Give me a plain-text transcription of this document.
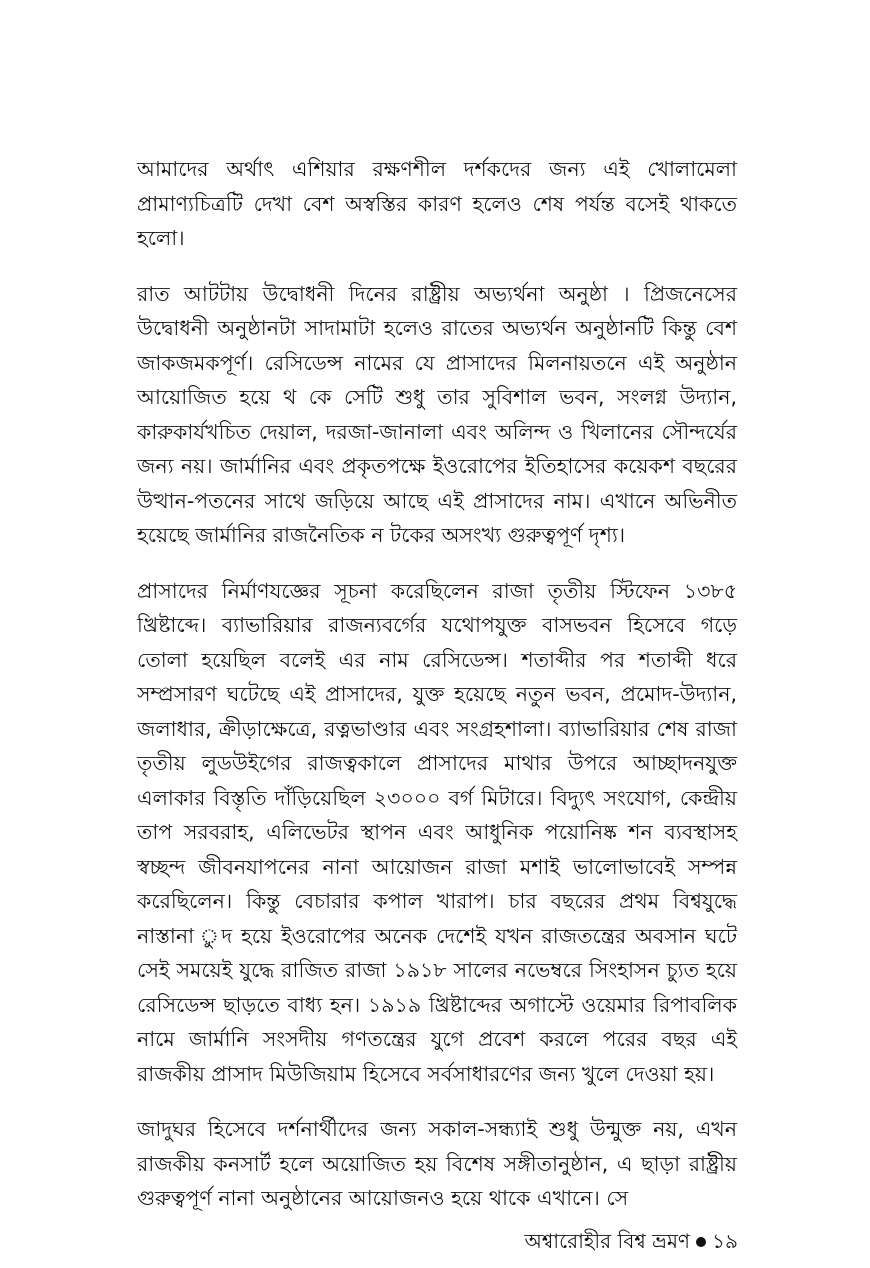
আমাদের অর্থাৎ এশিয়ার রক্ষণশীল দর্শকদের জন্য এই খোলামেলা প্রামাণ্যচিত্রটি দেখা বেশ অস্বস্তির কারণ হলেও শেষ পর্যন্ত বসেই থাকতে হলো।

রাত আটটায় উদ্বোধনী দিনের রাষ্ট্রীয় অভ্যর্থনা অনুষ্ঠা । প্রিজনেসের উদ্বোধনী অনুষ্ঠানটা সাদামাটা হলেও রাতের অভ্যর্থন অনুষ্ঠানটি কিন্তু বেশ জাকজমকপূর্ণ। রেসিডেন্স নামের যে প্রাসাদের মিলনায়তনে এই অনুষ্ঠান আয়োজিত হয়ে থ কে সেটি শুধু তার সুবিশাল ভবন, সংলগ্ন উদ্যান, কারুকার্যখচিত দেয়াল, দরজা-জানালা এবং অলিন্দ ও খিলানের সৌন্দর্যের জন্য নয়। জার্মানির এবং প্রকৃতপক্ষে ইওরোপের ইতিহাসের কয়েকশ বছরের উত্থান-পতনের সাথে জড়িয়ে আছে এই প্রাসাদের নাম। এখানে অভিনীত হয়েছে জার্মানির রাজনৈতিক ন টকের অসংখ্য গুরুত্বপূর্ণ দৃশ্য।

প্রাসাদের নির্মাণযজ্ঞের সূচনা করেছিলেন রাজা তৃতীয় স্টিফেন ১৩৮৫ খ্রিষ্টাব্দে। ব্যাভারিয়ার রাজন্যবর্গের যথোপযুক্ত বাসভবন হিসেবে গড়ে তোলা হয়েছিল বলেই এর নাম রেসিডেন্স। শতাব্দীর পর শতাব্দী ধরে সম্প্রসারণ ঘটেছে এই প্রাসাদের, যুক্ত হয়েছে নতুন ভবন, প্রমোদ-উদ্যান, জলাধার, ক্রীড়াক্ষেত্রে, রত্নভাণ্ডার এবং সংগ্রহশালা। ব্যাভারিয়ার শেষ রাজা তৃতীয় লুডউইগের রাজত্বকালে প্রাসাদের মাথার উপরে আচ্ছাদনযুক্ত এলাকার বিস্তৃতি দাঁড়িয়েছিল ২৩০০০ বর্গ মিটারে। বিদ্যুৎ সংযোগ, কেন্দ্রীয় তাপ সরবরাহ, এলিভেটর স্থাপন এবং আধুনিক পয়োনিষ্ক শন ব্যবস্থাসহ স্বচ্ছন্দ জীবনযাপনের নানা আয়োজন রাজা মশাই ভালোভাবেই সম্পন্ন করেছিলেন। কিন্তু বেচারার কপাল খারাপ। চার বছরের প্রথম বিশ্বযুদ্ধে নাস্তানা ুদ হয়ে ইওরোপের অনেক দেশেই যখন রাজতন্ত্রের অবসান ঘটে সেই সময়েই যুদ্ধে রাজিত রাজা ১৯১৮ সালের নভেম্বরে সিংহাসন চ্যুত হয়ে রেসিডেন্স ছাড়তে বাধ্য হন। ১৯১৯ খ্রিষ্টাব্দের অগাস্টে ওয়েমার রিপাবলিক নামে জার্মানি সংসদীয় গণতন্ত্রের যুগে প্রবেশ করলে পরের বছর এই রাজকীয় প্রাসাদ মিউজিয়াম হিসেবে সর্বসাধারণের জন্য খুলে দেওয়া হয়।

জাদুঘর হিসেবে দর্শনার্থীদের জন্য সকাল-সন্ধ্যাই শুধু উন্মুক্ত নয়, এখন রাজকীয় কনসার্ট হলে অয়োজিত হয় বিশেষ সঙ্গীতানুষ্ঠান, এ ছাড়া রাষ্ট্রীয় গুরুত্বপূর্ণ নানা অনুষ্ঠানের আয়োজনও হয়ে থাকে এখানে। সে

অশ্বারোহীর বিশ্ব ভ্রমণ ১৯
